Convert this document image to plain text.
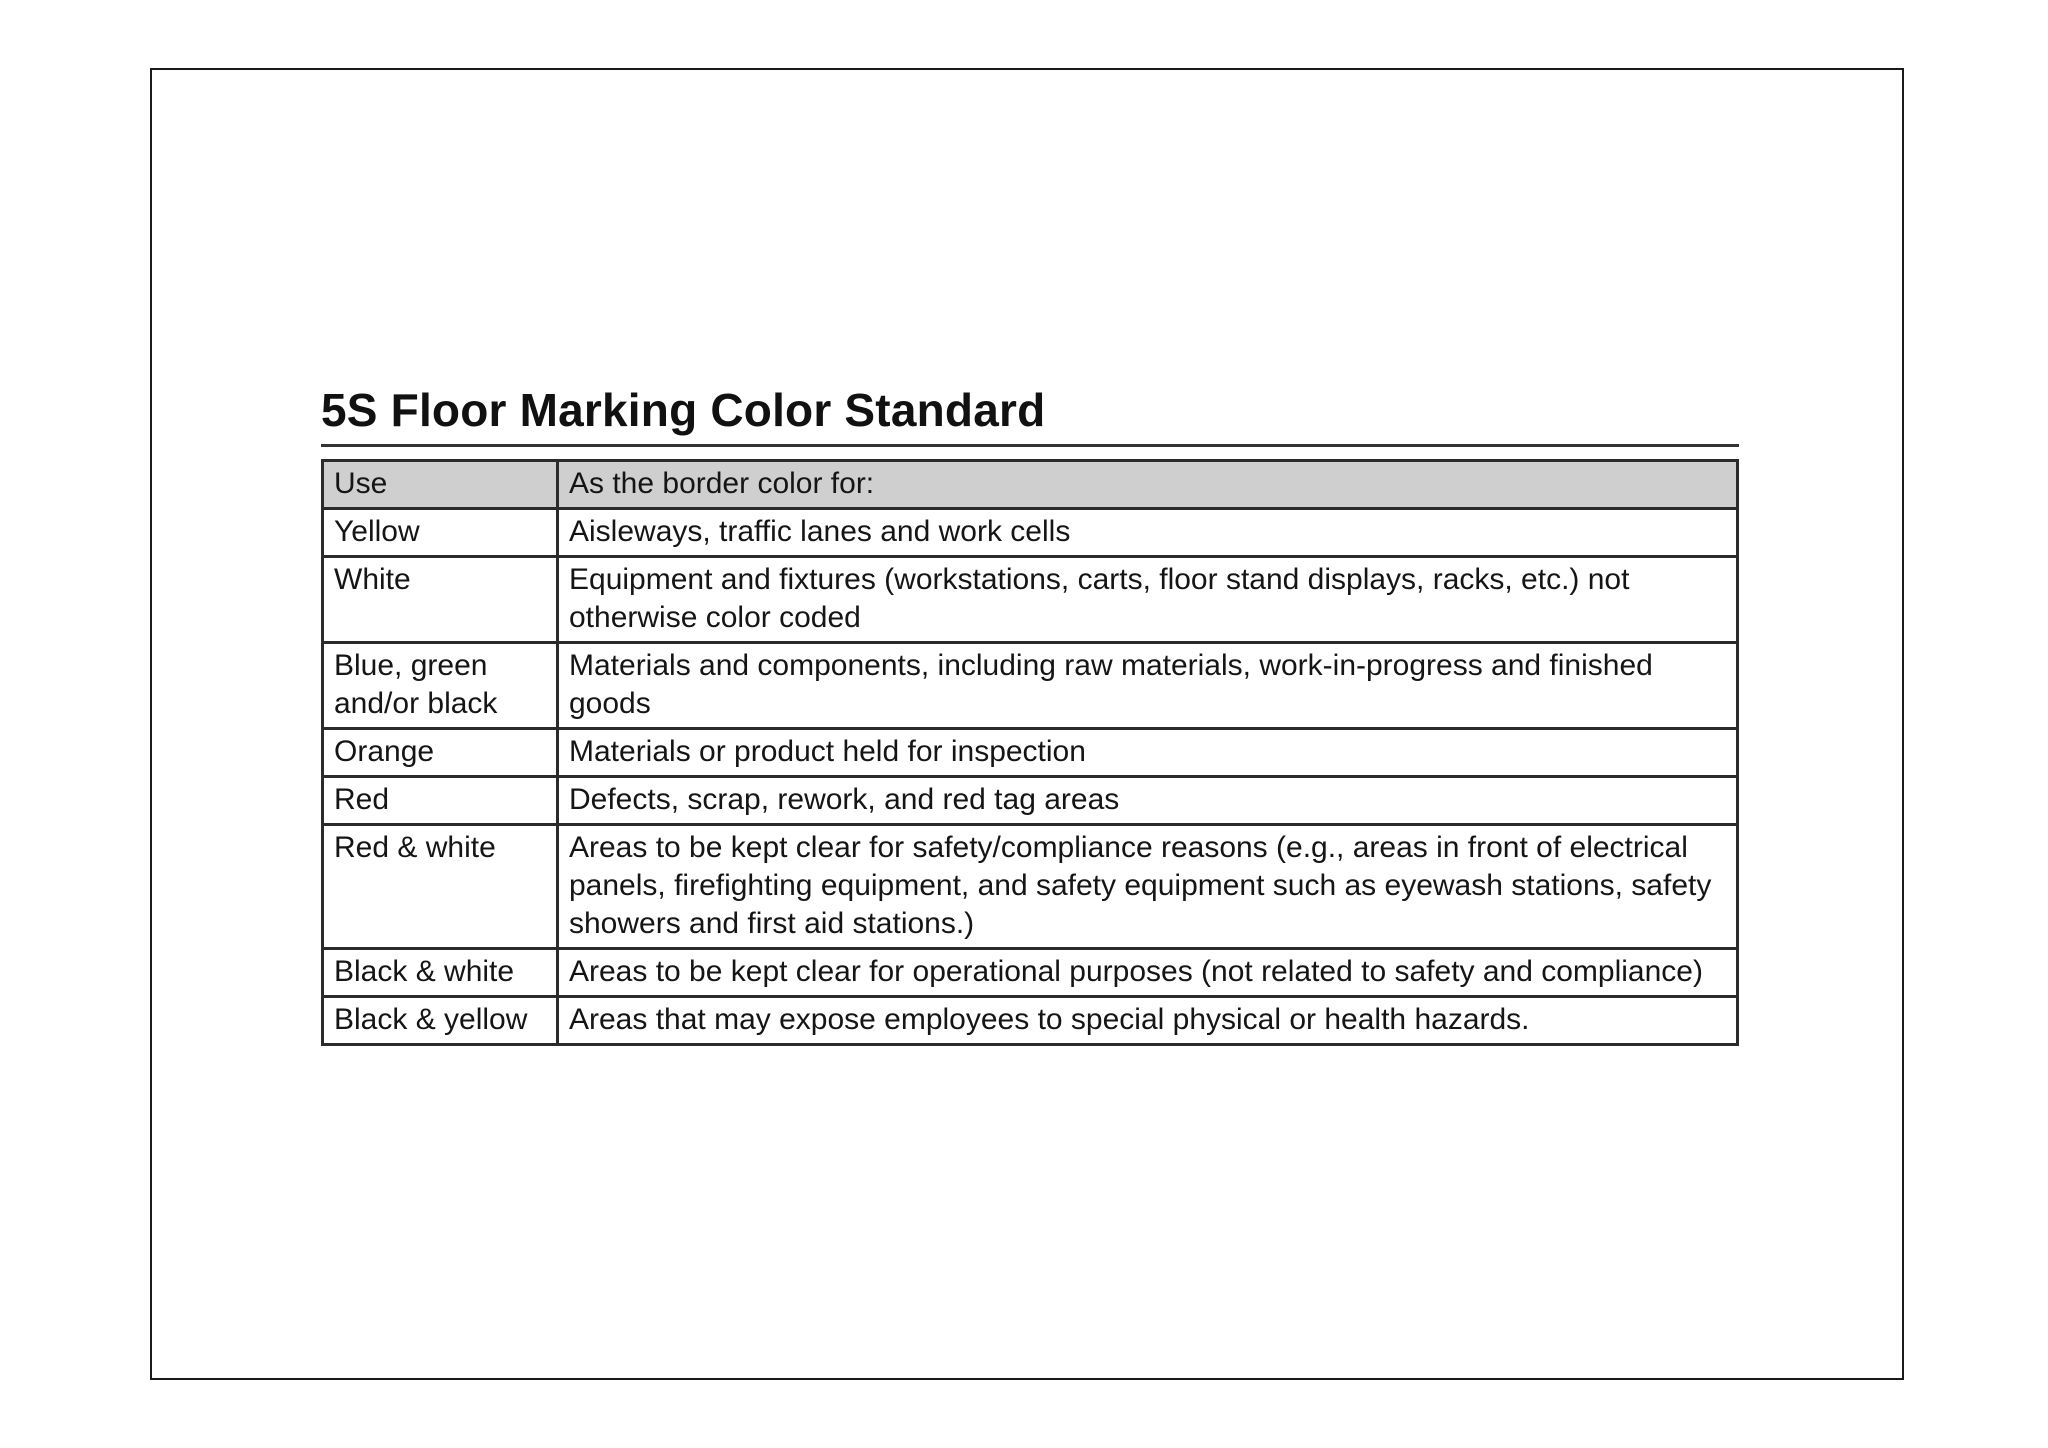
5S Floor Marking Color Standard
Use	As the border color for:
Yellow	Aisleways, traffic lanes and work cells
White	Equipment and fixtures (workstations, carts, floor stand displays, racks, etc.) not otherwise color coded
Blue, green and/or black	Materials and components, including raw materials, work-in-progress and finished goods
Orange	Materials or product held for inspection
Red	Defects, scrap, rework, and red tag areas
Red & white	Areas to be kept clear for safety/compliance reasons (e.g., areas in front of electrical panels, firefighting equipment, and safety equipment such as eyewash stations, safety showers and first aid stations.)
Black & white	Areas to be kept clear for operational purposes (not related to safety and compliance)
Black & yellow	Areas that may expose employees to special physical or health hazards.
